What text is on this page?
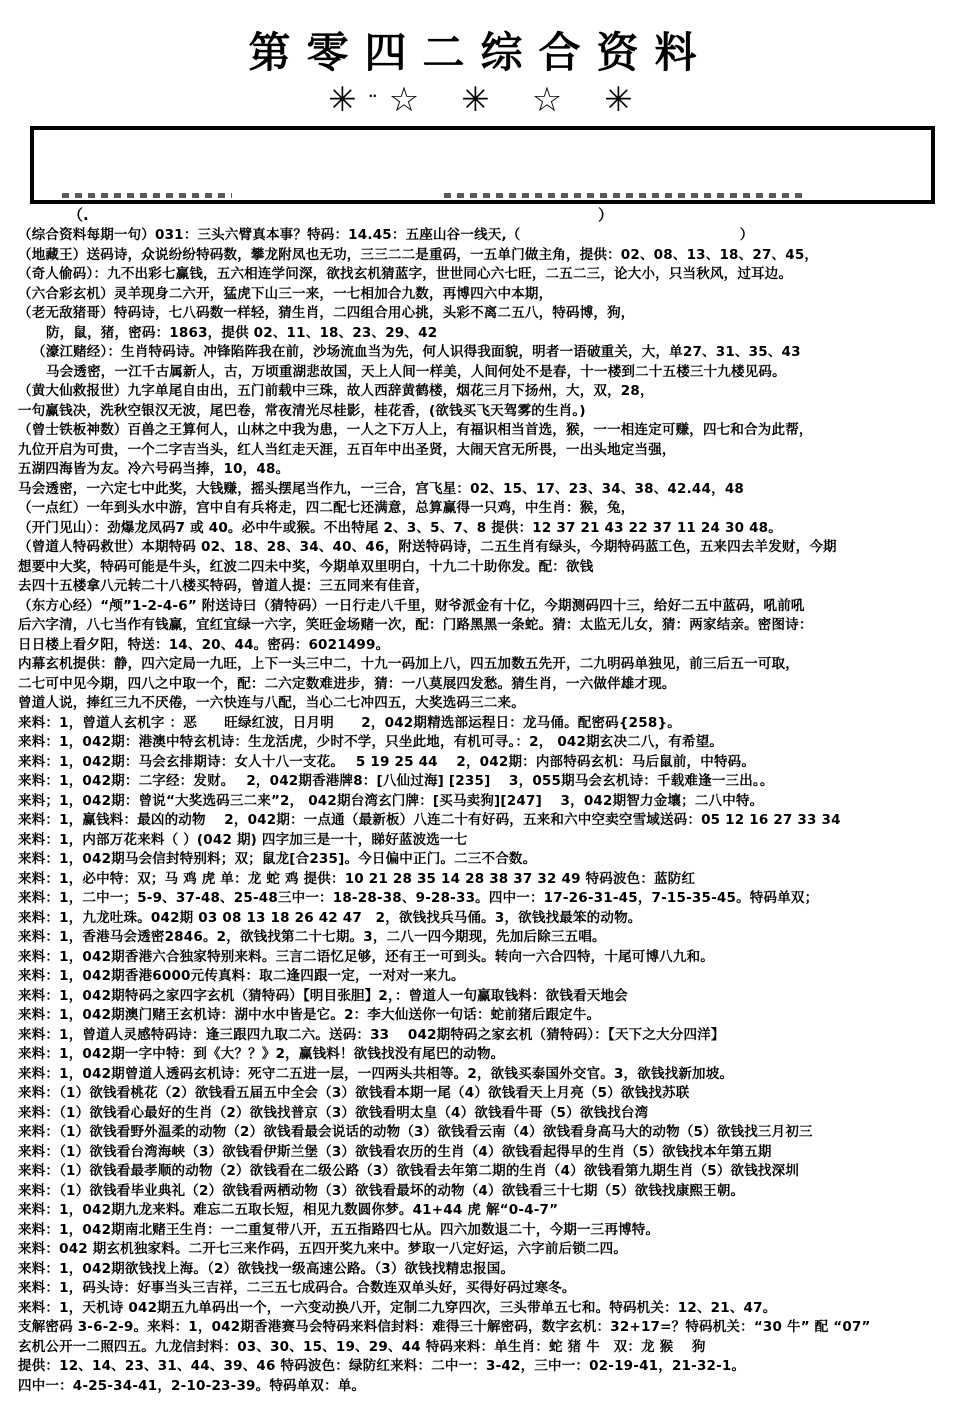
第零四二综合资料
✳ ‥ ☆ ✳ ☆ ✳
（.	）
（综合资料每期一句）031：三头六臂真本事？特码：14.45：五座山谷一线天,（　　　　　　　　　　　　　　　　）
（地藏王）送码诗，众说纷纷特码数，攀龙附凤也无功，三三二二是重码，一五单门做主角，提供：02、08、13、18、27、45，
（奇人偷码）：九不出彩七赢钱，五六相连学问深，欲找玄机猜蓝字，世世同心六七旺，二五二三，论大小，只当秋风，过耳边。
（六合彩玄机）灵羊现身二六开，猛虎下山三一来，一七相加合九数，再博四六中本期，
（老无敌猪哥）特码诗，七八码数一样轻，猜生肖，二四组合用心挑，头彩不离二五八，特码博，狗，
防，鼠，猪，密码：1863，提供 02、11、18、23、29、42
（濠江赌经）：生肖特码诗。冲锋陷阵我在前，沙场流血当为先，何人识得我面貌，明者一语破重关，大，单27、31、35、43
马会透密，一江千古属新人，古，万顷重湖悲故国，天上人间一样美，人间何处不是春，十一楼到二十五楼三十九楼见码。
（黄大仙救报世）九字单尾自由出，五门前载中三珠，故人西辞黄鹤楼，烟花三月下扬州，大，双，28，
一句赢钱决，洗秋空银汉无波，尾巴卷，常夜清光尽桂影，桂花香，(欲钱买飞天驾雾的生肖。)
（曾士铁板神数）百兽之王算何人，山林之中我为患，一人之下万人上，有福识相当首选，猴，一一相连定可赚，四七和合为此帮，
九位开启为可贵，一个二字吉当头，红人当红走天涯，五百年中出圣贤，大闹天宫无所畏，一出头地定当强，
五湖四海皆为友。冷六号码当捧，10，48。
马会透密，一六定七中此奖，大钱赚，摇头摆尾当作九，一三合，宫飞星：02、15、17、23、34、38、42.44，48
（一点红）一年到头水中游，宫中自有兵将走，四二配七还满意，总算赢得一只鸡，中生肖：猴，兔，
（开门见山）：劲爆龙凤码7 或 40。必中牛或猴。不出特尾 2、3、5、7、8 提供：12 37 21 43 22 37 11 24 30 48。
（曾道人特码救世）本期特码 02、18、28、34、40、46，附送特码诗，二五生肖有绿头，今期特码蓝工色，五来四去羊发财，今期
想要中大奖，特码可能是牛头，红波二四未中奖，今期单双里明白，十九二十助你发。配：欲钱
去四十五楼拿八元转二十八楼买特码，曾道人提：三五同来有佳音，
（东方心经）“颅”1-2-4-6” 附送诗曰（猜特码）一日行走八千里，财爷派金有十亿，今期测码四十三，给好二五中蓝码，吼前吼
后六字清，八七当作有钱赢，宜红宜绿一六字，笑旺金场赌一次，配：门路黑黑一条蛇。猜：太监无儿女，猜：两家结亲。密图诗：
日日楼上看夕阳，特送：14、20、44。密码：6021499。
内幕玄机提供：静，四六定局一九旺，上下一头三中二，十九一码加上八，四五加数五先开，二九明码单独见，前三后五一可取，
二七可中见今期，四八之中取一个，配：二六定数难进步，猜：一八莫展四发愁。猜生肖，一六做伴雄才现。
曾道人说，捧红三九不厌倦，一六快连与八配，当心二七冲四五，大奖选码三二来。
来料：1，曾道人玄机字 ：恶　　旺绿红波，日月明　　2，042期精选部运程日：龙马俑。配密码{258}。
来料：1，042期：港澳中特玄机诗：生龙活虎，少时不学，只坐此地，有机可寻。：2， 042期玄决二八，有希望。
来料：1，042期：马会玄排期诗：女人十八一支花。　 5 19 25 44　 2，042期：内部特码玄机：马后鼠前，中特码。
来料：1，042期：二字经：发财。　 2，042期香港牌8：[八仙过海] [235]　 3，055期马会玄机诗：千载难逢一三出。。
来料；1，042期：曾说“大奖选码三二来”2， 042期台湾玄门牌：[买马卖狗][247]　 3，042期智力金壤；二八中特。
来料：1，赢钱料：最凶的动物　 2，042期：一点通（最新板）八连二十有好码，五来和六中空卖空雪域送码：05 12 16 27 33 34
来料：1，内部万花来料（ ）(042 期) 四字加三是一十，睇好蓝波选一七
来料：1，042期马会信封特别料；双；鼠龙[合235]。今日偏中正门。二三不合数。
来料：1，必中特：双；马 鸡 虎 单：龙 蛇 鸡 提供：10 21 28 35 14 28 38 37 32 49 特码波色：蓝防红
来料：1，二中一；5-9、37-48、25-48三中一：18-28-38、9-28-33。四中一：17-26-31-45，7-15-35-45。特码单双；
来料：1，九龙吐珠。042期 03 08 13 18 26 42 47　2，欲钱找兵马俑。3，欲钱找最笨的动物。
来料：1，香港马会透密2846。2，欲钱找第二十七期。3，二八一四今期现，先加后除三五唱。
来料：1，042期香港六合独家特别来料。三言二语忆足够，还有王一可到头。转向一六合四特，十尾可博八九和。
来料：1，042期香港6000元传真料：取二逢四跟一定，一对对一来九。
来料：1，042期特码之家四字玄机（猜特码）【明目张胆】2，：曾道人一句赢取钱料：欲钱看天地会
来料：1，042期澳门赌王玄机诗：湖中水中皆是它。2：李大仙送你一句话：蛇前猪后跟定牛。
来料：1，曾道人灵感特码诗：逢三跟四九取二六。送码：33　 042期特码之家玄机（猜特码）：【天下之大分四洋】
来料：1，042期一字中特：到《大？？》2，赢钱料！欲钱找没有尾巴的动物。
来料：1，042期曾道人透码玄机诗：死守二五进一层，一四两头共相等。2，欲钱买泰国外交官。3，欲钱找新加坡。
来料：（1）欲钱看桃花（2）欲钱看五届五中全会（3）欲钱看本期一尾（4）欲钱看天上月亮（5）欲钱找苏联
来料：（1）欲钱看心最好的生肖（2）欲钱找普京（3）欲钱看明太皇（4）欲钱看牛哥（5）欲钱找台湾
来料：（1）欲钱看野外温柔的动物（2）欲钱看最会说话的动物（3）欲钱看云南（4）欲钱看身高马大的动物（5）欲钱找三月初三
来料：（1）欲钱看台湾海峡（3）欲钱看伊斯兰堡（3）欲钱看农历的生肖（4）欲钱看起得早的生肖（5）欲钱找本年第五期
来料：（1）欲钱看最孝顺的动物（2）欲钱看在二级公路（3）欲钱看去年第二期的生肖（4）欲钱看第九期生肖（5）欲钱找深圳
来料：（1）欲钱看毕业典礼（2）欲钱看两栖动物（3）欲钱看最坏的动物（4）欲钱看三十七期（5）欲钱找康熙王朝。
来料：1，042期九龙来料。难忘二五取长短，相见九数圆你梦。41+44 虎 解“0-4-7”
来料：1，042期南北赌王生肖：一二重复带八开，五五指路四七从。四六加数退二十，今期一三再博特。
来料：042 期玄机独家料。二开七三来作码，五四开奖九来中。梦取一八定好运，六字前后锁二四。
来料：1，042期欲钱找上海。（2）欲钱找一级高速公路。（3）欲钱找精忠报国。
来料：1，码头诗：好事当头三吉祥，二三五七成码合。合数连双单头好，买得好码过寒冬。
来料：1，天机诗 042期五九单码出一个，一六变动换八开，定制二九穿四次，三头带单五七和。特码机关：12、21、47。
支解密码 3-6-2-9。来料：1，042期香港赛马会特码来料信封料：难得三十解密码，数字玄机：32+17=？特码机关：“30 牛” 配 “07”
玄机公开一二照四五。九龙信封料：03、30、15、19、29、44 特码来料：单生肖：蛇 猪 牛　双：龙 猴　 狗
提供：12、14、23、31、44、39、46 特码波色：绿防红来料：二中一：3-42，三中一：02-19-41，21-32-1。
四中一：4-25-34-41，2-10-23-39。特码单双：单。
